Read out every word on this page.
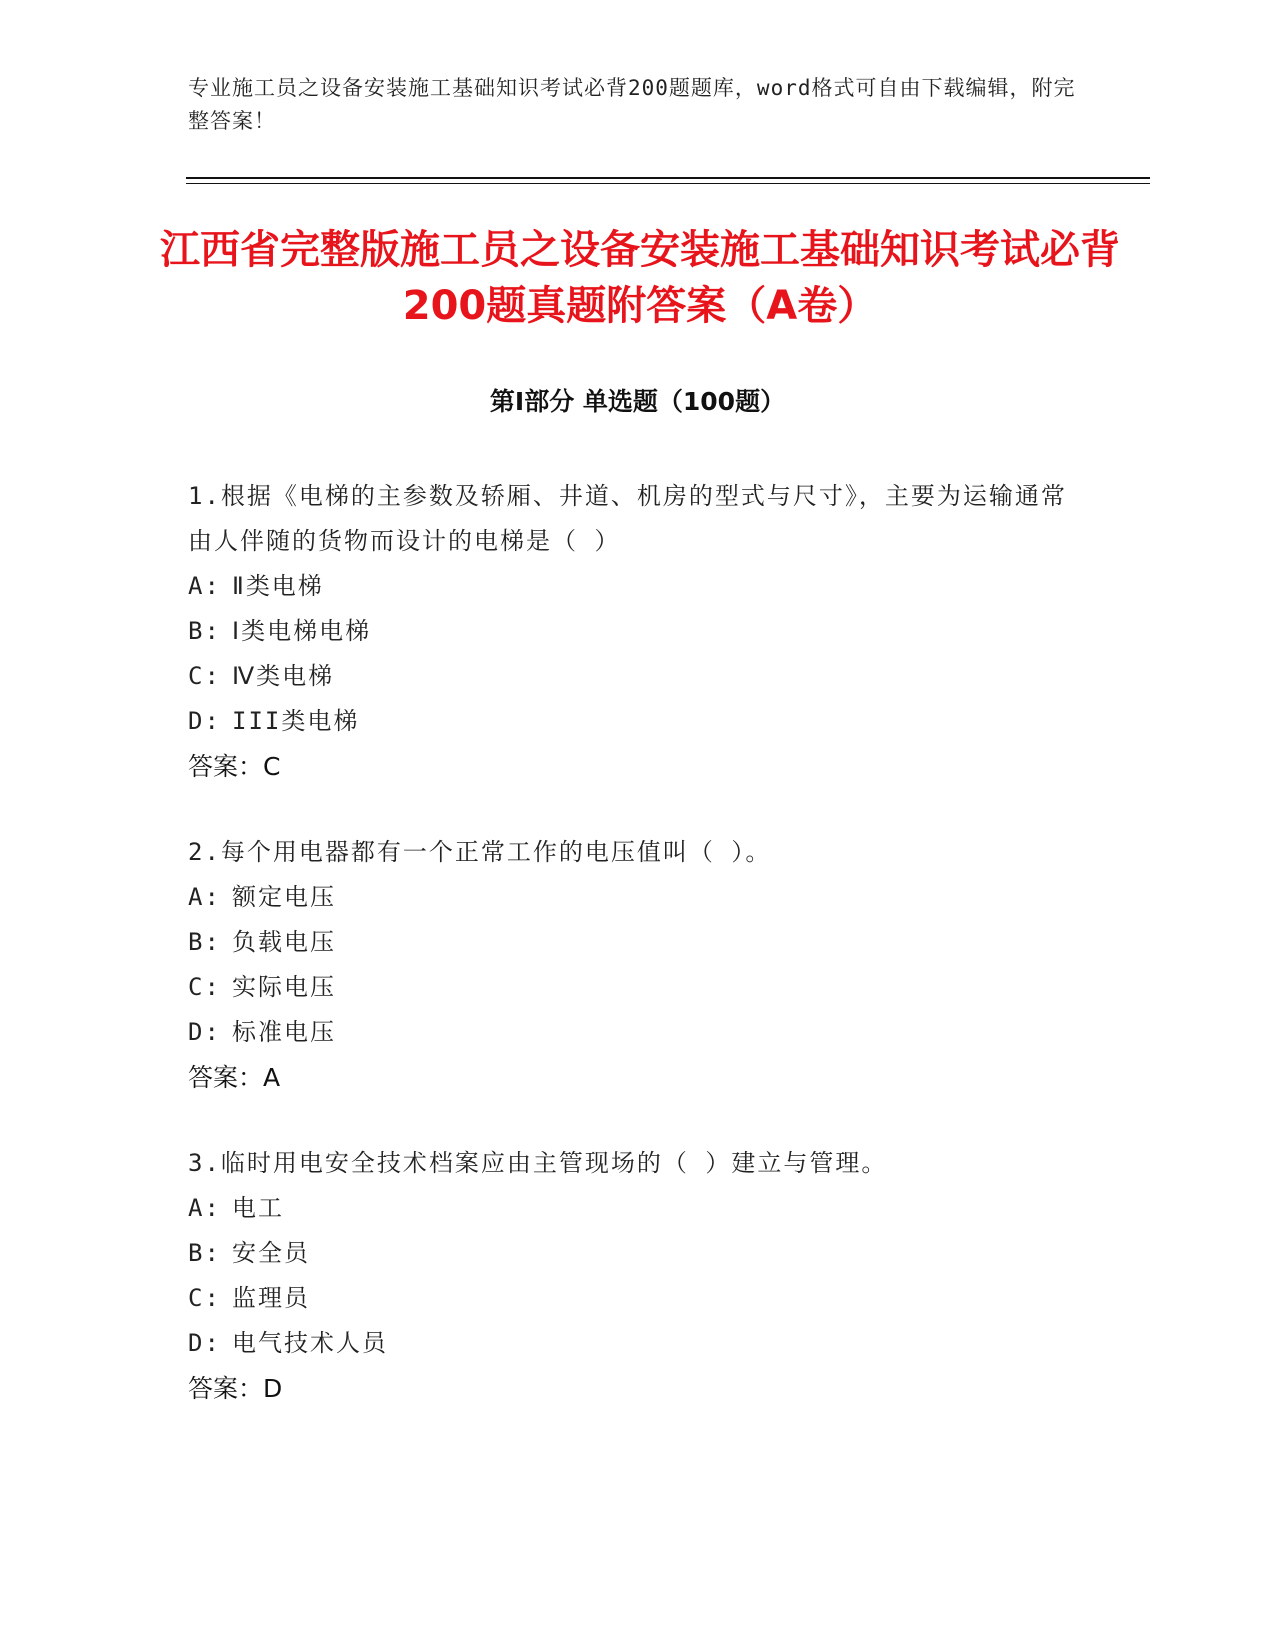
专业施工员之设备安装施工基础知识考试必背200题题库，word格式可自由下载编辑，附完整答案！
江西省完整版施工员之设备安装施工基础知识考试必背200题真题附答案（A卷）
第I部分 单选题（100题）

1.根据《电梯的主参数及轿厢、井道、机房的型式与尺寸》，主要为运输通常由人伴随的货物而设计的电梯是（ ）

A: Ⅱ类电梯
B: Ⅰ类电梯电梯
C: Ⅳ类电梯
D: III类电梯

答案：C

2.每个用电器都有一个正常工作的电压值叫（ ）。

A: 额定电压
B: 负载电压
C: 实际电压
D: 标准电压

答案：A

3.临时用电安全技术档案应由主管现场的（ ）建立与管理。

A: 电工
B: 安全员
C: 监理员
D: 电气技术人员

答案：D
